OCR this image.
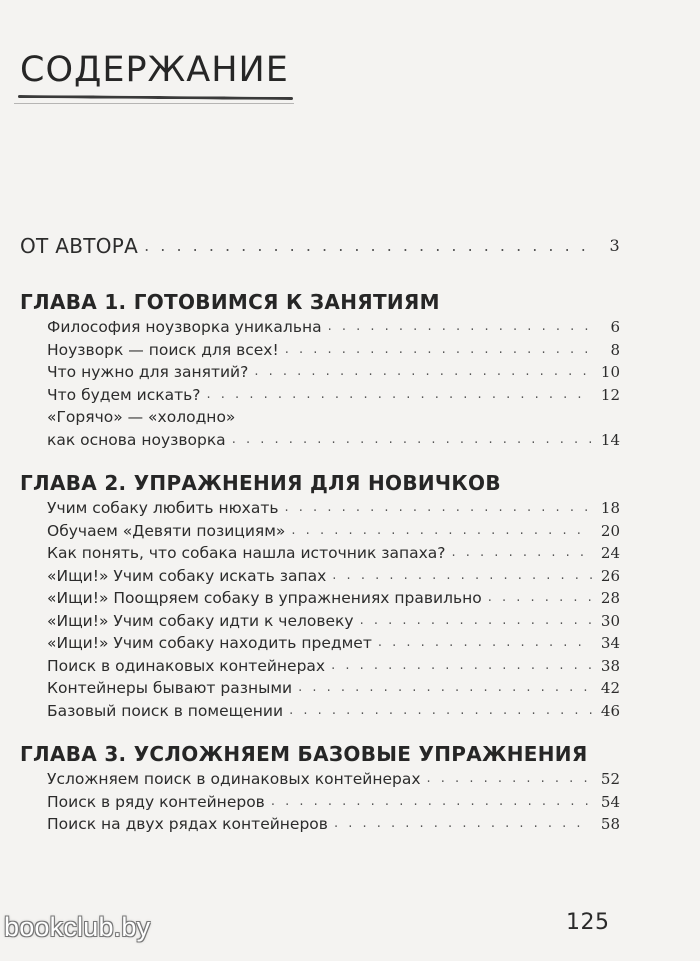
СОДЕРЖАНИЕ
ОТ АВТОРА . . .	3
ГЛАВА 1. ГОТОВИМСЯ К ЗАНЯТИЯМ
Философия ноузворка уникальна . . .	6
Ноузворк — поиск для всех! . . .	8
Что нужно для занятий? . . .	10
Что будем искать? . . .	12
«Горячо» — «холодно»
как основа ноузворка . . .	14
ГЛАВА 2. УПРАЖНЕНИЯ ДЛЯ НОВИЧКОВ
Учим собаку любить нюхать . . .	18
Обучаем «Девяти позициям» . . .	20
Как понять, что собака нашла источник запаха? . . .	24
«Ищи!» Учим собаку искать запах . . .	26
«Ищи!» Поощряем собаку в упражнениях правильно . . .	28
«Ищи!» Учим собаку идти к человеку . . .	30
«Ищи!» Учим собаку находить предмет . . .	34
Поиск в одинаковых контейнерах . . .	38
Контейнеры бывают разными . . .	42
Базовый поиск в помещении . . .	46
ГЛАВА 3. УСЛОЖНЯЕМ БАЗОВЫЕ УПРАЖНЕНИЯ
Усложняем поиск в одинаковых контейнерах . . .	52
Поиск в ряду контейнеров . . .	54
Поиск на двух рядах контейнеров . . .	58
bookclub.by	125
